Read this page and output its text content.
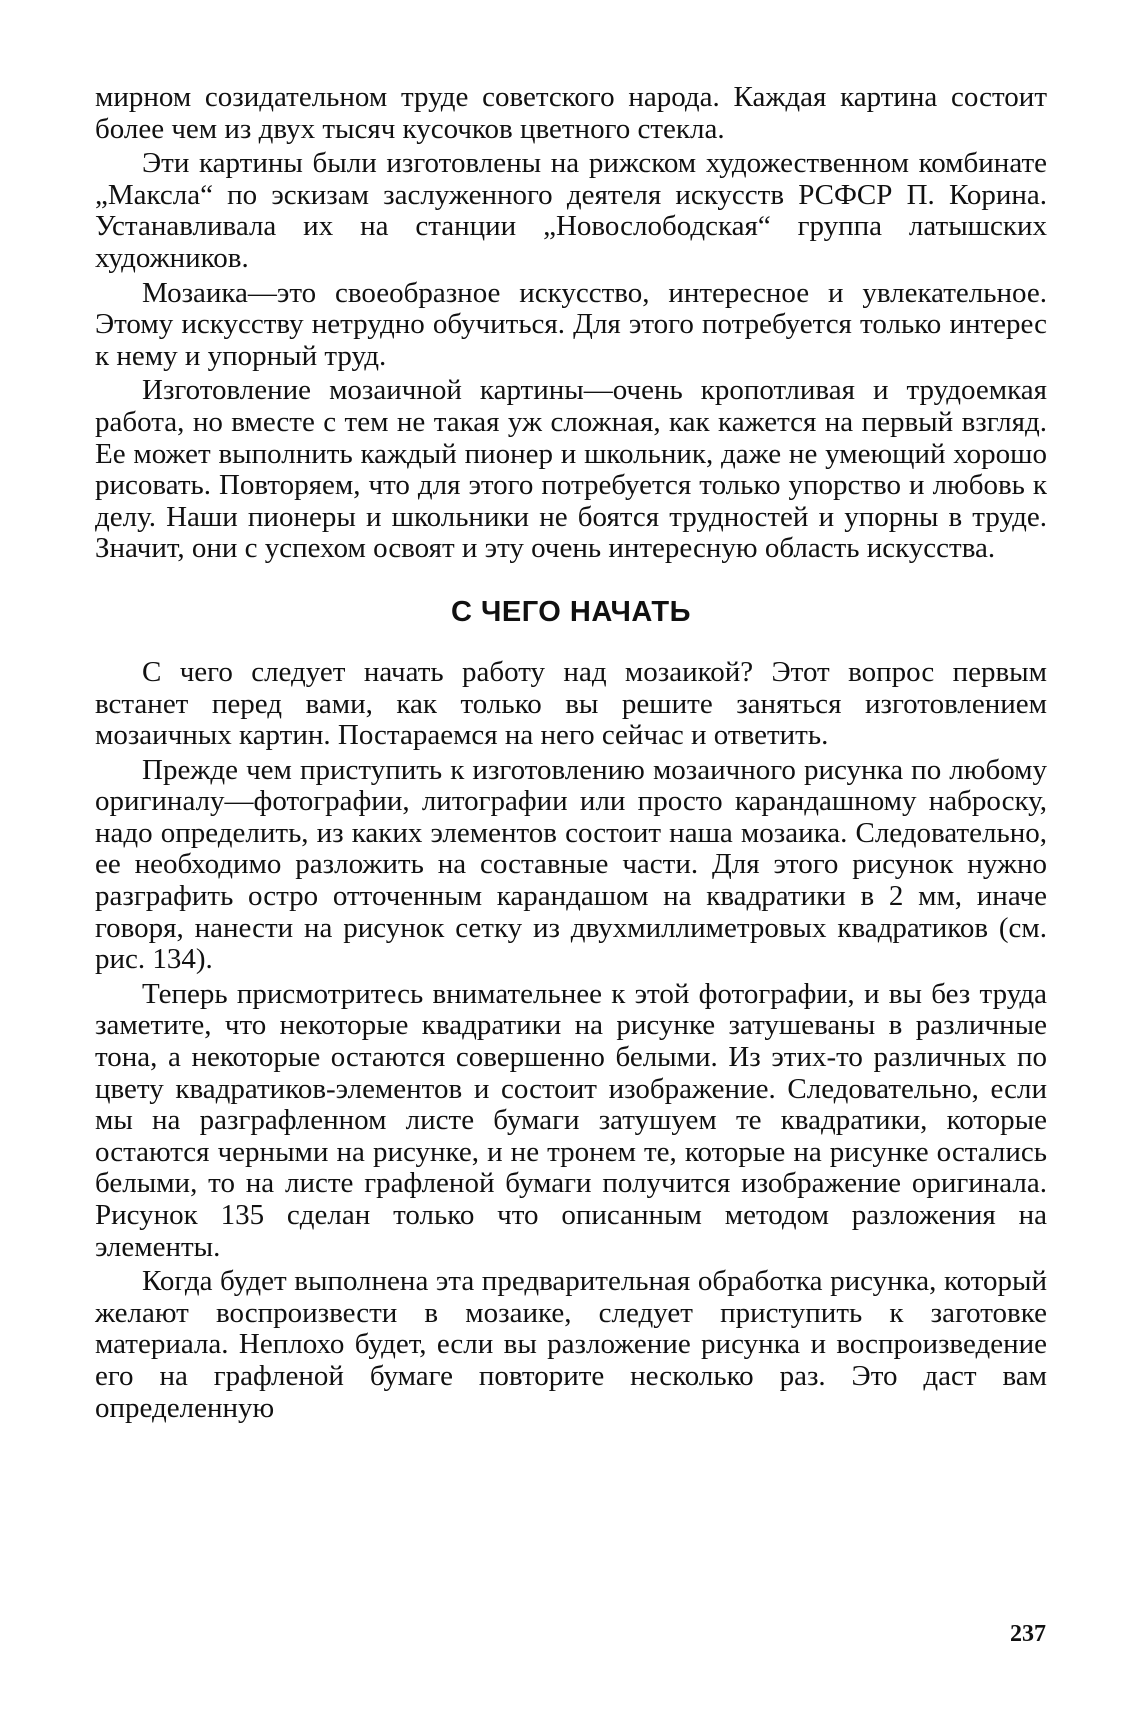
мирном созидательном труде советского народа. Каждая картина состоит более чем из двух тысяч кусочков цветного стекла.

Эти картины были изготовлены на рижском художественном комбинате „Максла“ по эскизам заслуженного деятеля искусств РСФСР П. Корина. Устанавливала их на станции „Новослободская“ группа латышских художников.

Мозаика—это своеобразное искусство, интересное и увлекательное. Этому искусству нетрудно обучиться. Для этого потребуется только интерес к нему и упорный труд.

Изготовление мозаичной картины—очень кропотливая и трудоемкая работа, но вместе с тем не такая уж сложная, как кажется на первый взгляд. Ее может выполнить каждый пионер и школьник, даже не умеющий хорошо рисовать. Повторяем, что для этого потребуется только упорство и любовь к делу. Наши пионеры и школьники не боятся трудностей и упорны в труде. Значит, они с успехом освоят и эту очень интересную область искусства.

С ЧЕГО НАЧАТЬ

С чего следует начать работу над мозаикой? Этот вопрос первым встанет перед вами, как только вы решите заняться изготовлением мозаичных картин. Постараемся на него сейчас и ответить.

Прежде чем приступить к изготовлению мозаичного рисунка по любому оригиналу—фотографии, литографии или просто карандашному наброску, надо определить, из каких элементов состоит наша мозаика. Следовательно, ее необходимо разложить на составные части. Для этого рисунок нужно разграфить остро отточенным карандашом на квадратики в 2 мм, иначе говоря, нанести на рисунок сетку из двухмиллиметровых квадратиков (см. рис. 134).

Теперь присмотритесь внимательнее к этой фотографии, и вы без труда заметите, что некоторые квадратики на рисунке затушеваны в различные тона, а некоторые остаются совершенно белыми. Из этих-то различных по цвету квадратиков-элементов и состоит изображение. Следовательно, если мы на разграфленном листе бумаги затушуем те квадратики, которые остаются черными на рисунке, и не тронем те, которые на рисунке остались белыми, то на листе графленой бумаги получится изображение оригинала. Рисунок 135 сделан только что описанным методом разложения на элементы.

Когда будет выполнена эта предварительная обработка рисунка, который желают воспроизвести в мозаике, следует приступить к заготовке материала. Неплохо будет, если вы разложение рисунка и воспроизведение его на графленой бумаге повторите несколько раз. Это даст вам определенную

237
